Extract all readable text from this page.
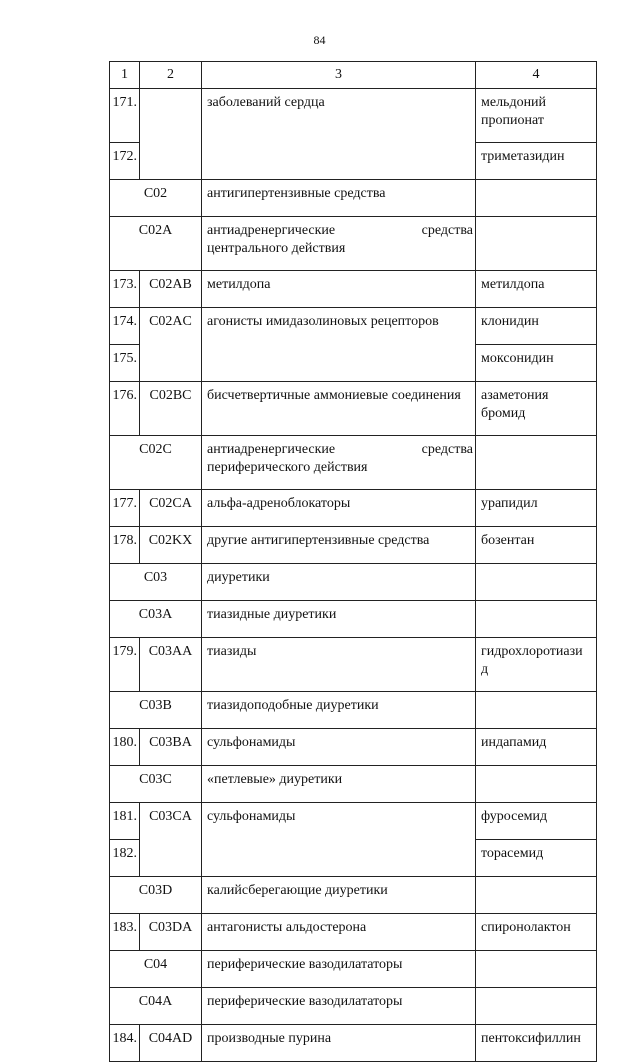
84
1	2	3	4
171.		заболеваний сердца	мельдоний пропионат
172.			триметазидин
C02		антигипертензивные средства	
C02A		антиадренергические средства центрального действия	
173.	C02AB	метилдопа	метилдопа
174.	C02AC	агонисты имидазолиновых рецепторов	клонидин
175.			моксонидин
176.	C02BC	бисчетвертичные аммониевые соединения	азаметония бромид
C02C		антиадренергические средства периферического действия	
177.	C02CA	альфа-адреноблокаторы	урапидил
178.	C02KX	другие антигипертензивные средства	бозентан
C03		диуретики	
C03A		тиазидные диуретики	
179.	C03AA	тиазиды	гидрохлоротиази д
C03B		тиазидоподобные диуретики	
180.	C03BA	сульфонамиды	индапамид
C03C		«петлевые» диуретики	
181.	C03CA	сульфонамиды	фуросемид
182.			торасемид
C03D		калийсберегающие диуретики	
183.	C03DA	антагонисты альдостерона	спиронолактон
C04		периферические вазодилататоры	
C04A		периферические вазодилататоры	
184.	C04AD	производные пурина	пентоксифиллин
